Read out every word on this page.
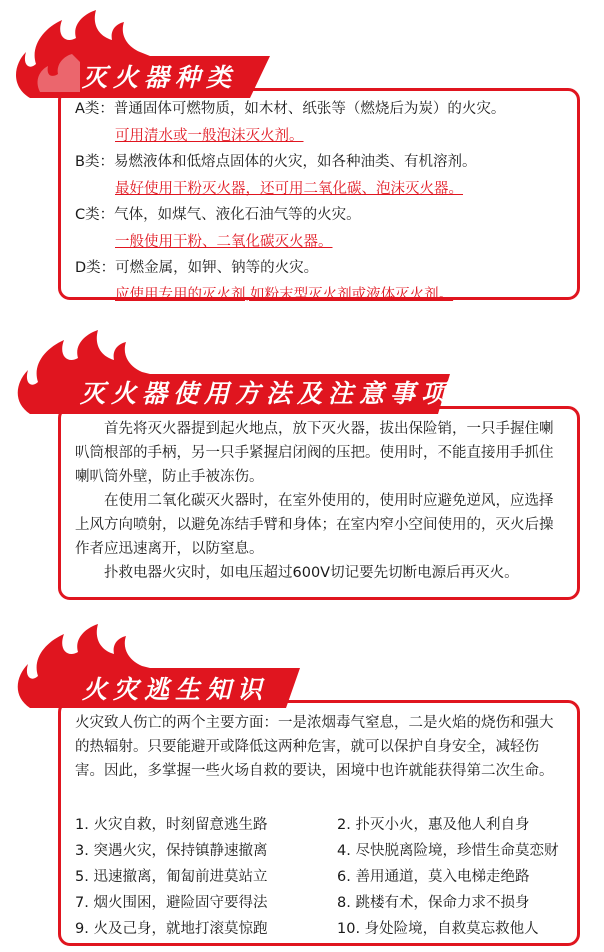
A类：普通固体可燃物质，如木材、纸张等（燃烧后为炭）的火灾。
可用清水或一般泡沫灭火剂。
B类：易燃液体和低熔点固体的火灾，如各种油类、有机溶剂。
最好使用干粉灭火器，还可用二氧化碳、泡沫灭火器。
C类：气体，如煤气、液化石油气等的火灾。
一般使用干粉、二氧化碳灭火器。
D类：可燃金属，如钾、钠等的火灾。
应使用专用的灭火剂,如粉末型灭火剂或液体灭火剂。
灭火器种类

首先将灭火器提到起火地点，放下灭火器，拔出保险销，一只手握住喇叭筒根部的手柄，另一只手紧握启闭阀的压把。使用时，不能直接用手抓住喇叭筒外壁，防止手被冻伤。

在使用二氧化碳灭火器时，在室外使用的，使用时应避免逆风，应选择上风方向喷射，以避免冻结手臂和身体；在室内窄小空间使用的，灭火后操作者应迅速离开，以防窒息。

扑救电器火灾时，如电压超过600V切记要先切断电源后再灭火。

灭火器使用方法及注意事项

火灾致人伤亡的两个主要方面：一是浓烟毒气窒息，二是火焰的烧伤和强大的热辐射。只要能避开或降低这两种危害，就可以保护自身安全，减轻伤害。因此，多掌握一些火场自救的要诀，困境中也许就能获得第二次生命。

1. 火灾自救，时刻留意逃生路	2. 扑灭小火，惠及他人利自身
3. 突遇火灾，保持镇静速撤离	4. 尽快脱离险境，珍惜生命莫恋财
5. 迅速撤离，匍匐前进莫站立	6. 善用通道，莫入电梯走绝路
7. 烟火围困，避险固守要得法	8. 跳楼有术，保命力求不损身
9. 火及己身，就地打滚莫惊跑	10. 身处险境，自救莫忘救他人
火灾逃生知识
